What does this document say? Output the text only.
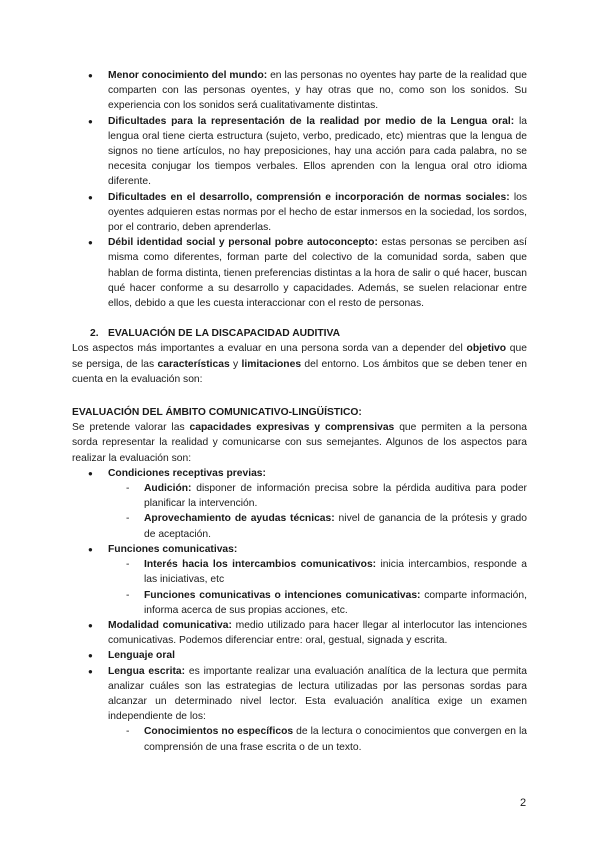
● Menor conocimiento del mundo: en las personas no oyentes hay parte de la realidad que comparten con las personas oyentes, y hay otras que no, como son los sonidos. Su experiencia con los sonidos será cualitativamente distintas.
● Dificultades para la representación de la realidad por medio de la Lengua oral: la lengua oral tiene cierta estructura (sujeto, verbo, predicado, etc) mientras que la lengua de signos no tiene artículos, no hay preposiciones, hay una acción para cada palabra, no se necesita conjugar los tiempos verbales. Ellos aprenden con la lengua oral otro idioma diferente.
● Dificultades en el desarrollo, comprensión e incorporación de normas sociales: los oyentes adquieren estas normas por el hecho de estar inmersos en la sociedad, los sordos, por el contrario, deben aprenderlas.
● Débil identidad social y personal pobre autoconcepto: estas personas se perciben así misma como diferentes, forman parte del colectivo de la comunidad sorda, saben que hablan de forma distinta, tienen preferencias distintas a la hora de salir o qué hacer, buscan qué hacer conforme a su desarrollo y capacidades. Además, se suelen relacionar entre ellos, debido a que les cuesta interaccionar con el resto de personas.

2. EVALUACIÓN DE LA DISCAPACIDAD AUDITIVA

Los aspectos más importantes a evaluar en una persona sorda van a depender del objetivo que se persiga, de las características y limitaciones del entorno. Los ámbitos que se deben tener en cuenta en la evaluación son:

EVALUACIÓN DEL ÁMBITO COMUNICATIVO-LINGÜÍSTICO:

Se pretende valorar las capacidades expresivas y comprensivas que permiten a la persona sorda representar la realidad y comunicarse con sus semejantes. Algunos de los aspectos para realizar la evaluación son:

● Condiciones receptivas previas:
- Audición: disponer de información precisa sobre la pérdida auditiva para poder planificar la intervención.
- Aprovechamiento de ayudas técnicas: nivel de ganancia de la prótesis y grado de aceptación.
● Funciones comunicativas:
- Interés hacia los intercambios comunicativos: inicia intercambios, responde a las iniciativas, etc
- Funciones comunicativas o intenciones comunicativas: comparte información, informa acerca de sus propias acciones, etc.
● Modalidad comunicativa: medio utilizado para hacer llegar al interlocutor las intenciones comunicativas. Podemos diferenciar entre: oral, gestual, signada y escrita.
● Lenguaje oral
● Lengua escrita: es importante realizar una evaluación analítica de la lectura que permita analizar cuáles son las estrategias de lectura utilizadas por las personas sordas para alcanzar un determinado nivel lector. Esta evaluación analítica exige un examen independiente de los:
- Conocimientos no específicos de la lectura o conocimientos que convergen en la comprensión de una frase escrita o de un texto.
2
